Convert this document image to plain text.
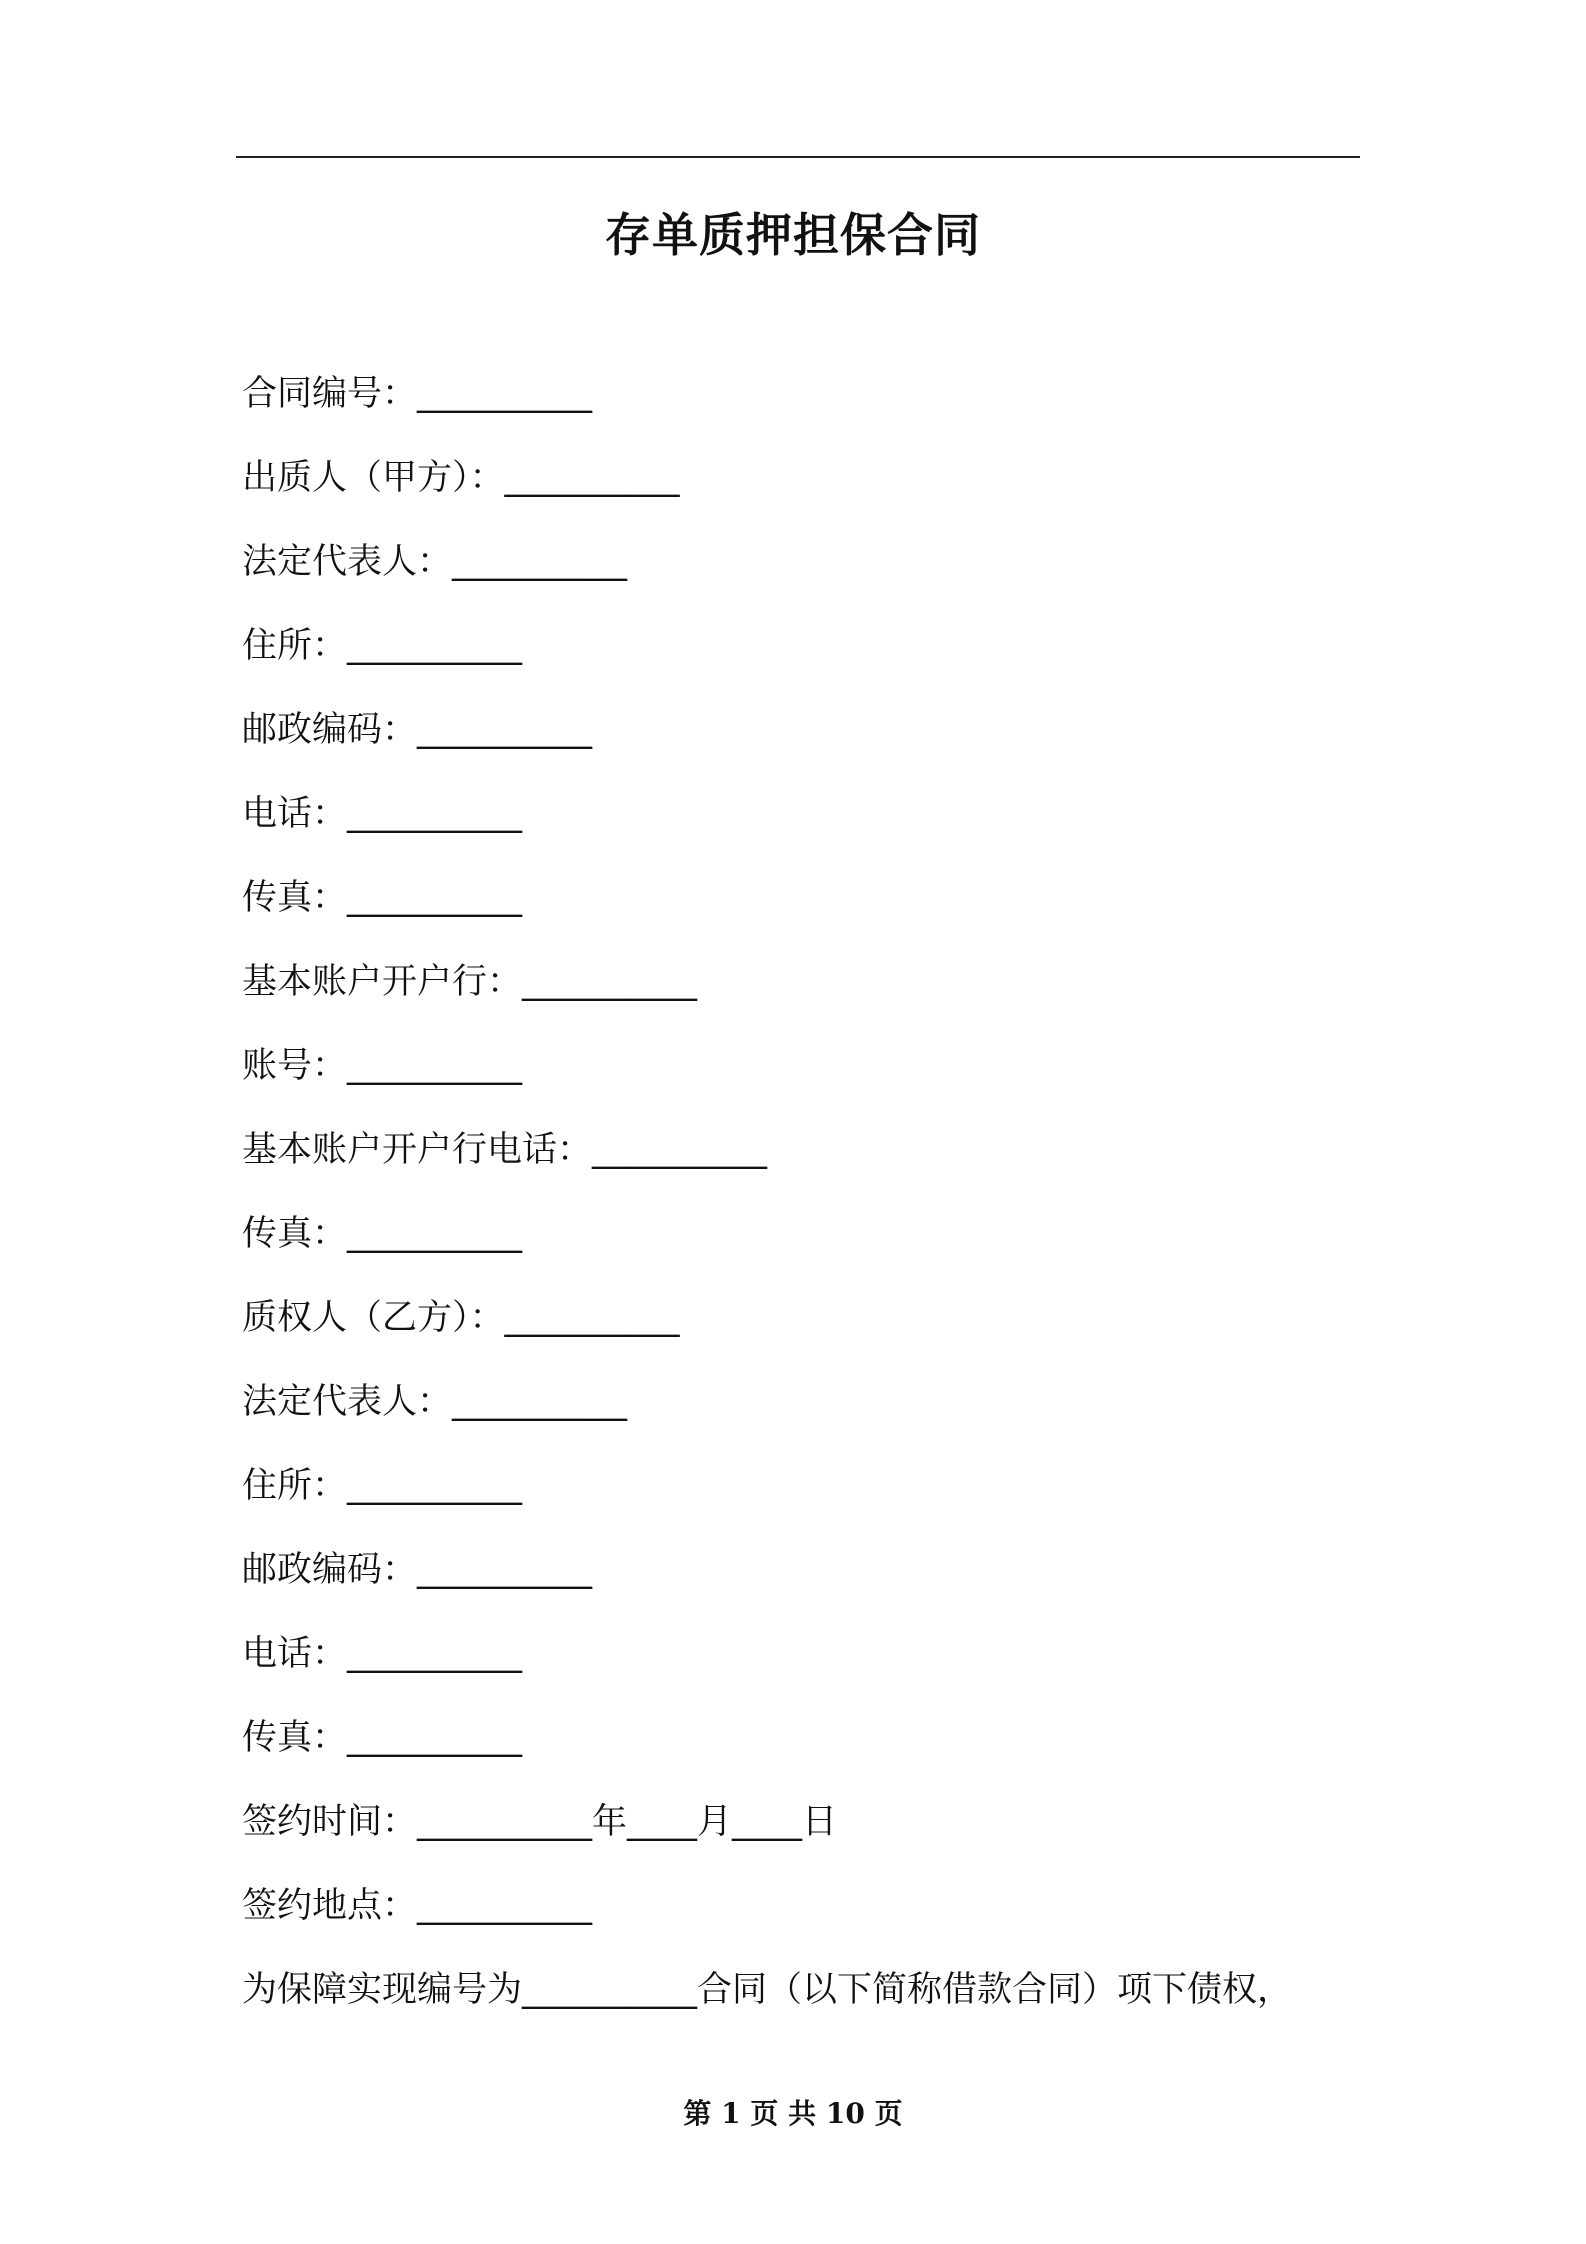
存单质押担保合同
合同编号：__________
出质人（甲方）：__________
法定代表人：__________
住所：__________
邮政编码：__________
电话：__________
传真：__________
基本账户开户行：__________
账号：__________
基本账户开户行电话：__________
传真：__________
质权人（乙方）：__________
法定代表人：__________
住所：__________
邮政编码：__________
电话：__________
传真：__________
签约时间：__________年____月____日
签约地点：__________

为保障实现编号为__________合同（以下简称借款合同）项下债权，

第 1 页 共 10 页
